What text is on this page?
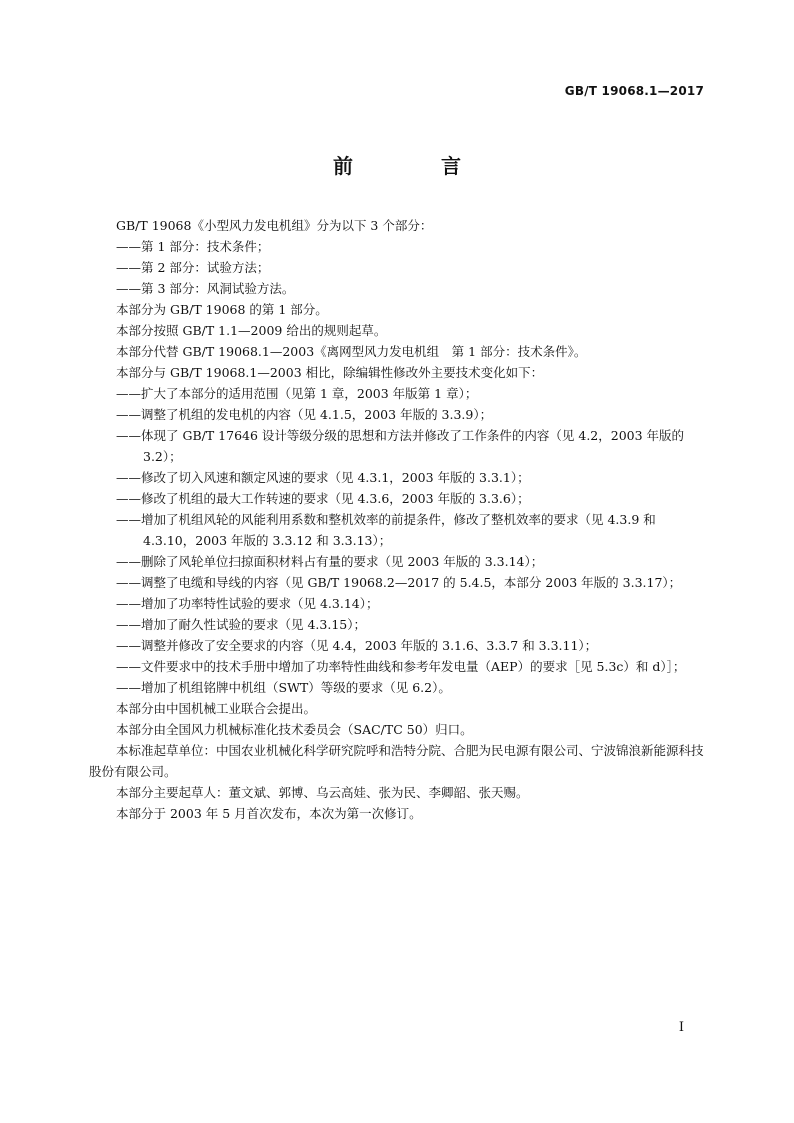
GB/T 19068.1—2017
前　言

GB/T 19068《小型风力发电机组》分为以下 3 个部分：

——第 1 部分：技术条件；

——第 2 部分：试验方法；

——第 3 部分：风洞试验方法。

本部分为 GB/T 19068 的第 1 部分。

本部分按照 GB/T 1.1—2009 给出的规则起草。

本部分代替 GB/T 19068.1—2003《离网型风力发电机组　第 1 部分：技术条件》。

本部分与 GB/T 19068.1—2003 相比，除编辑性修改外主要技术变化如下：

——扩大了本部分的适用范围（见第 1 章，2003 年版第 1 章）；

——调整了机组的发电机的内容（见 4.1.5，2003 年版的 3.3.9）；

——体现了 GB/T 17646 设计等级分级的思想和方法并修改了工作条件的内容（见 4.2，2003 年版的 3.2）；

——修改了切入风速和额定风速的要求（见 4.3.1，2003 年版的 3.3.1）；

——修改了机组的最大工作转速的要求（见 4.3.6，2003 年版的 3.3.6）；

——增加了机组风轮的风能利用系数和整机效率的前提条件，修改了整机效率的要求（见 4.3.9 和 4.3.10，2003 年版的 3.3.12 和 3.3.13）；

——删除了风轮单位扫掠面积材料占有量的要求（见 2003 年版的 3.3.14）；

——调整了电缆和导线的内容（见 GB/T 19068.2—2017 的 5.4.5，本部分 2003 年版的 3.3.17）；

——增加了功率特性试验的要求（见 4.3.14）；

——增加了耐久性试验的要求（见 4.3.15）；

——调整并修改了安全要求的内容（见 4.4，2003 年版的 3.1.6、3.3.7 和 3.3.11）；

——文件要求中的技术手册中增加了功率特性曲线和参考年发电量（AEP）的要求［见 5.3c）和 d）］；

——增加了机组铭牌中机组（SWT）等级的要求（见 6.2）。

本部分由中国机械工业联合会提出。

本部分由全国风力机械标准化技术委员会（SAC/TC 50）归口。

本标准起草单位：中国农业机械化科学研究院呼和浩特分院、合肥为民电源有限公司、宁波锦浪新能源科技股份有限公司。

本部分主要起草人：董文斌、郭博、乌云高娃、张为民、李卿韶、张天赐。

本部分于 2003 年 5 月首次发布，本次为第一次修订。

I
